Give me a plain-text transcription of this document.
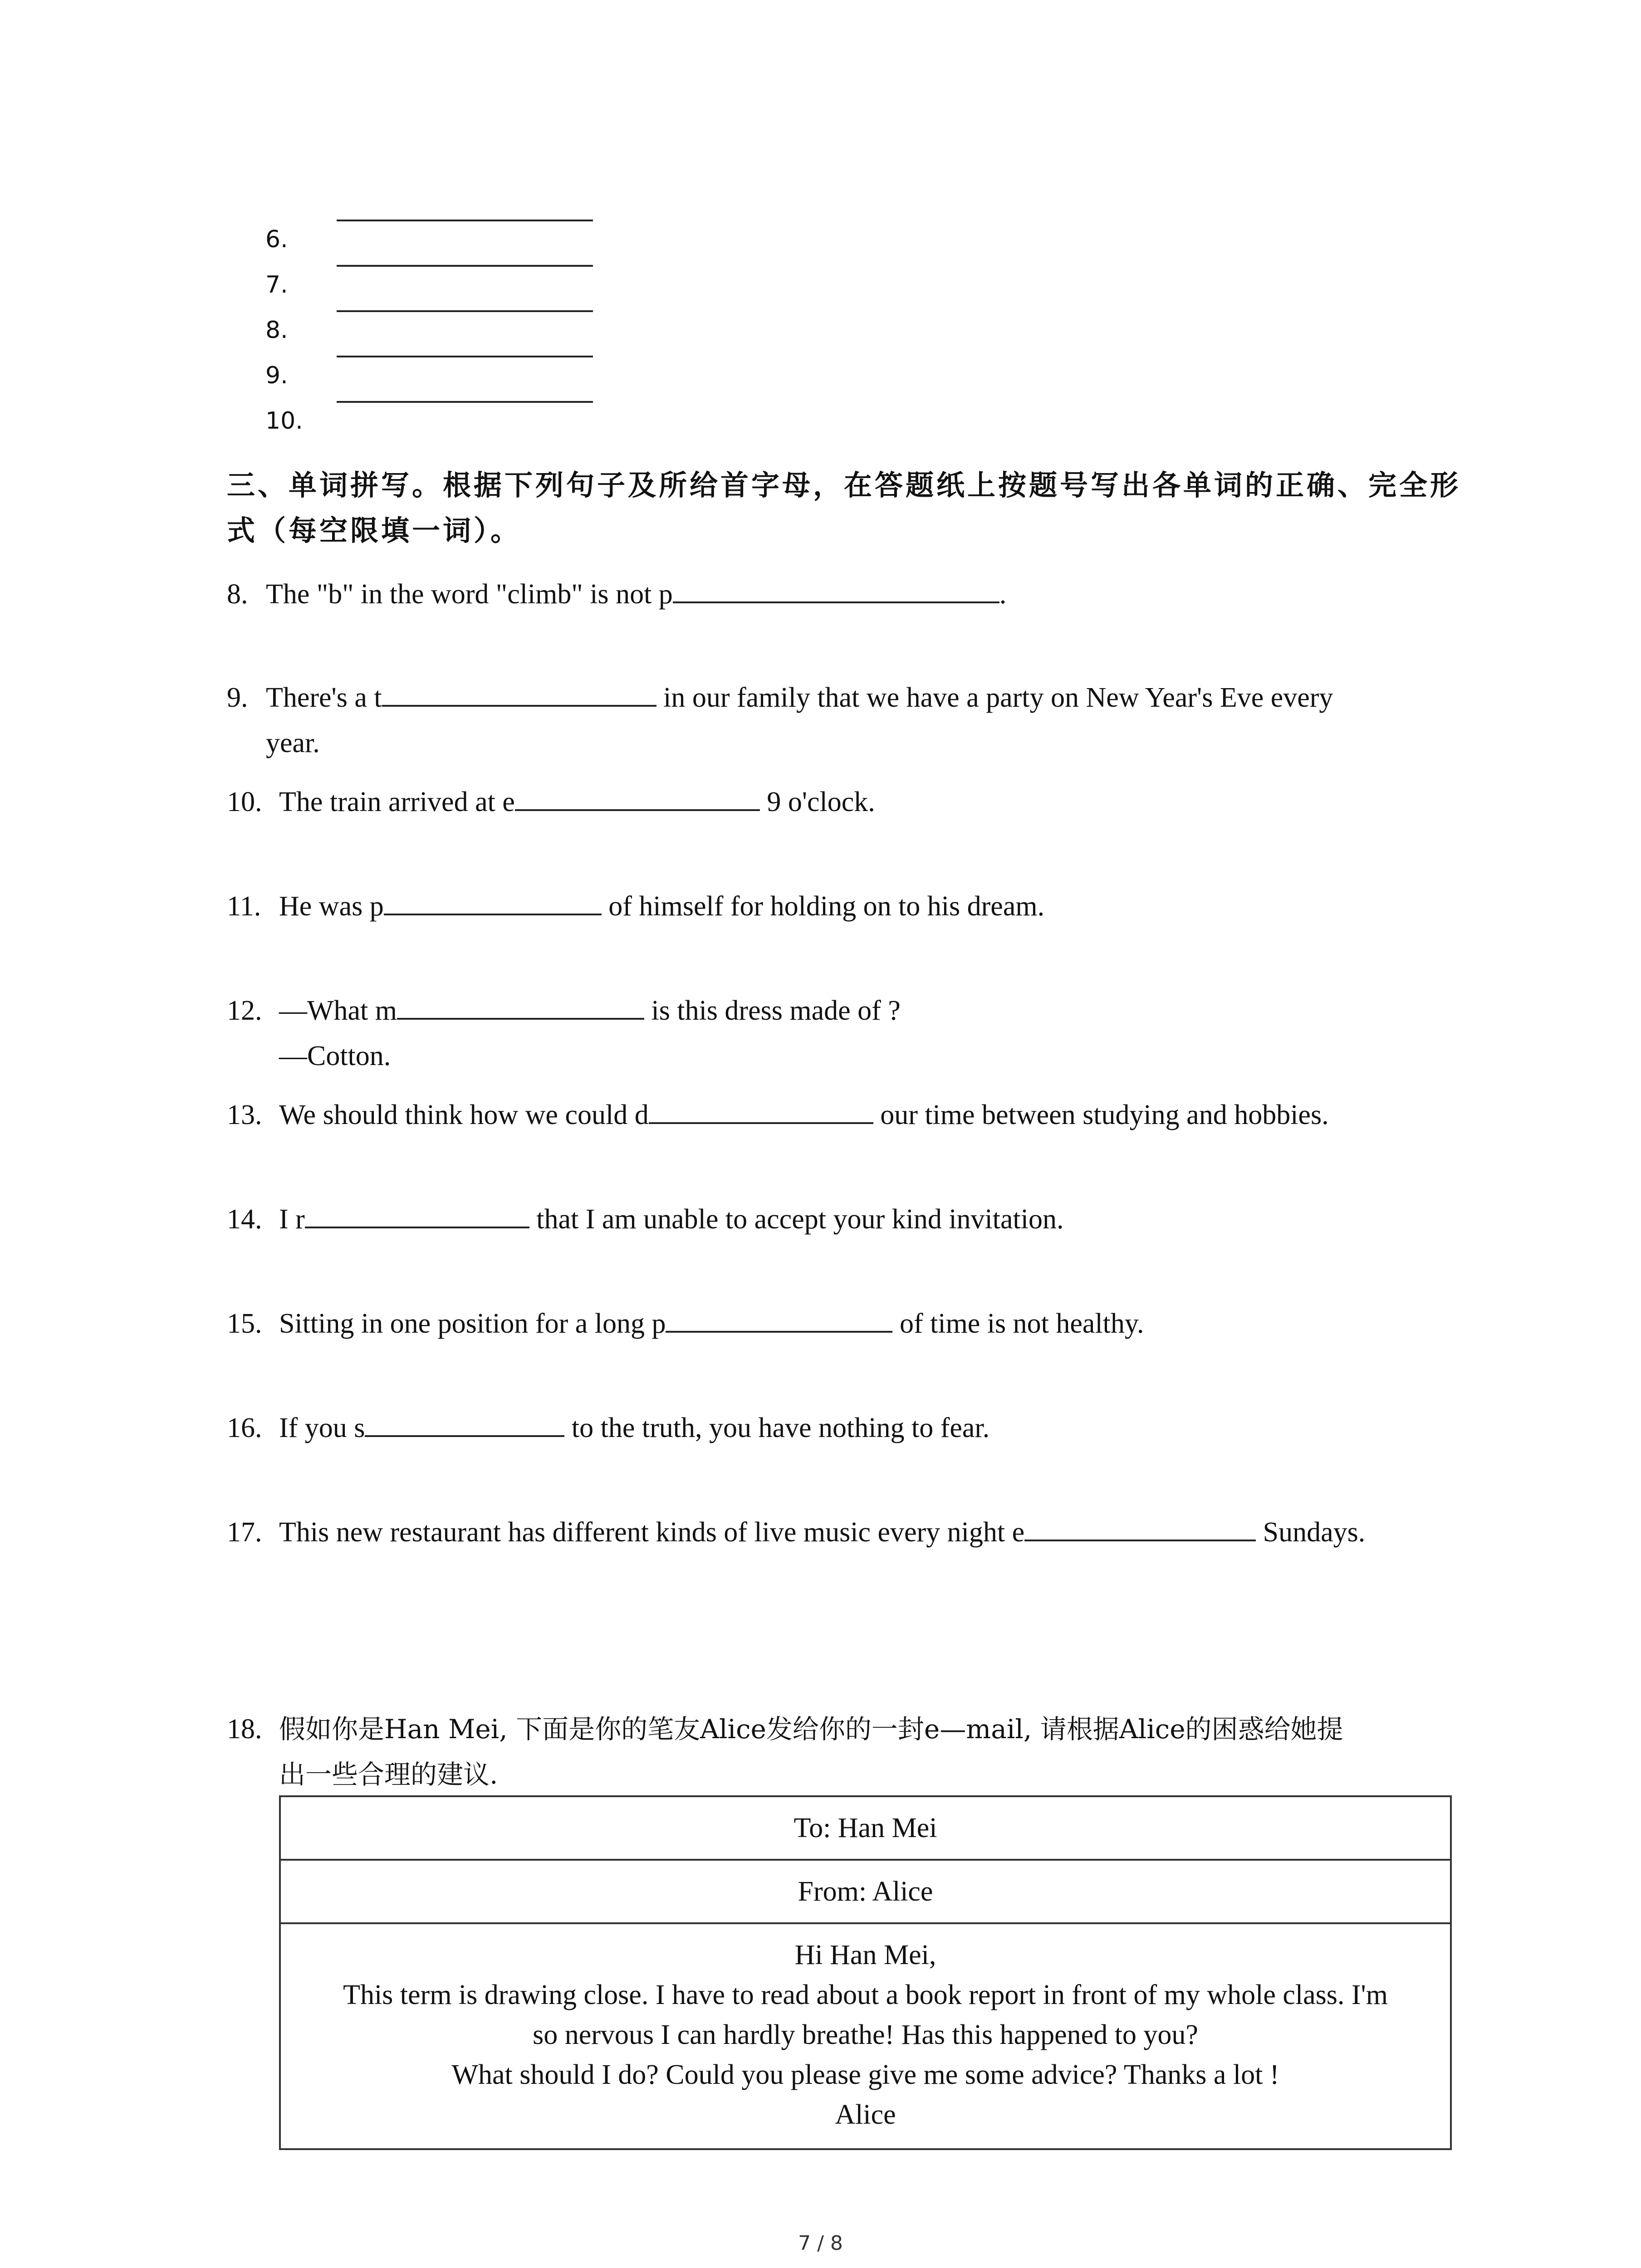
6.
7.
8.
9.
10.
三、单词拼写。根据下列句子及所给首字母，在答题纸上按题号写出各单词的正确、完全形
式（每空限填一词）。
8. The "b" in the word "climb" is not p	.
9. There's a t	in our family that we have a party on New Year's Eve every
year.
10. The train arrived at e	9 o'clock.
11. He was p	of himself for holding on to his dream.
12. —What m	is this dress made of ?
—Cotton.
13. We should think how we could d	our time between studying and hobbies.
14. I r	that I am unable to accept your kind invitation.
15. Sitting in one position for a long p	of time is not healthy.
16. If you s	to the truth, you have nothing to fear.
17. This new restaurant has different kinds of live music every night e	Sundays.
18. 假如你是Han Mei, 下面是你的笔友Alice发给你的一封e—mail, 请根据Alice的困惑给她提
出一些合理的建议.
To: Han Mei
From: Alice
Hi Han Mei,
This term is drawing close. I have to read about a book report in front of my whole class. I'm
so nervous I can hardly breathe! Has this happened to you?
What should I do? Could you please give me some advice? Thanks a lot !
Alice
7 / 8
